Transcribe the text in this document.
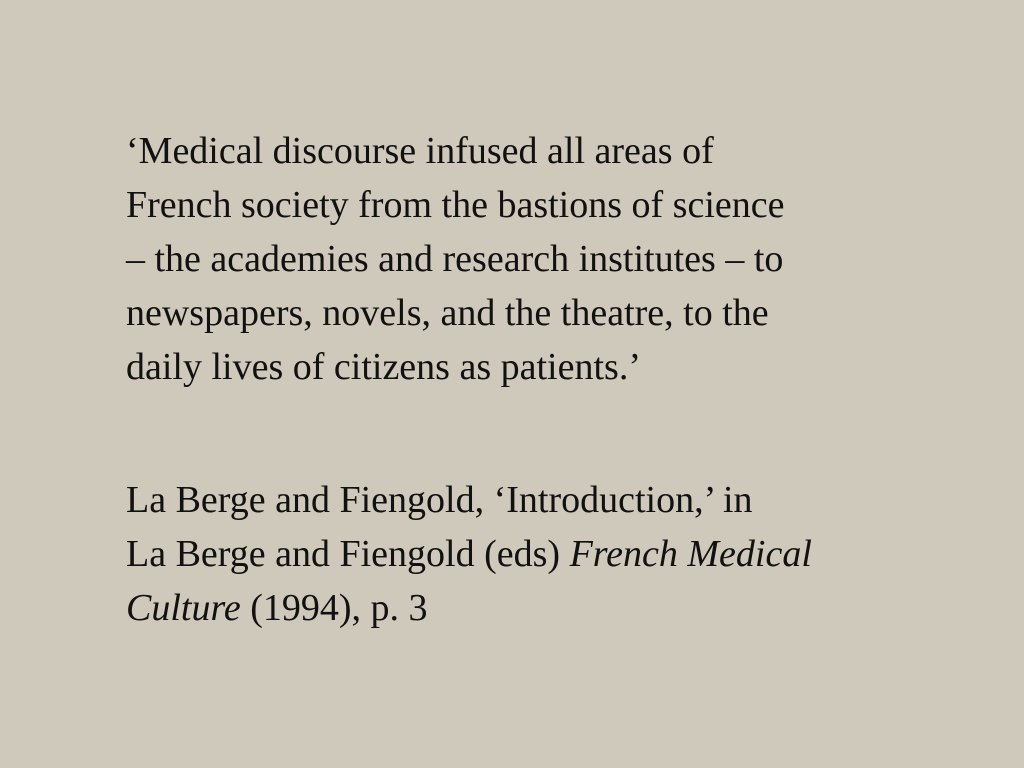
‘Medical discourse infused all areas of
French society from the bastions of science
– the academies and research institutes – to
newspapers, novels, and the theatre, to the
daily lives of citizens as patients.’

La Berge and Fiengold, ‘Introduction,’ in
La Berge and Fiengold (eds) French Medical
Culture (1994), p. 3
